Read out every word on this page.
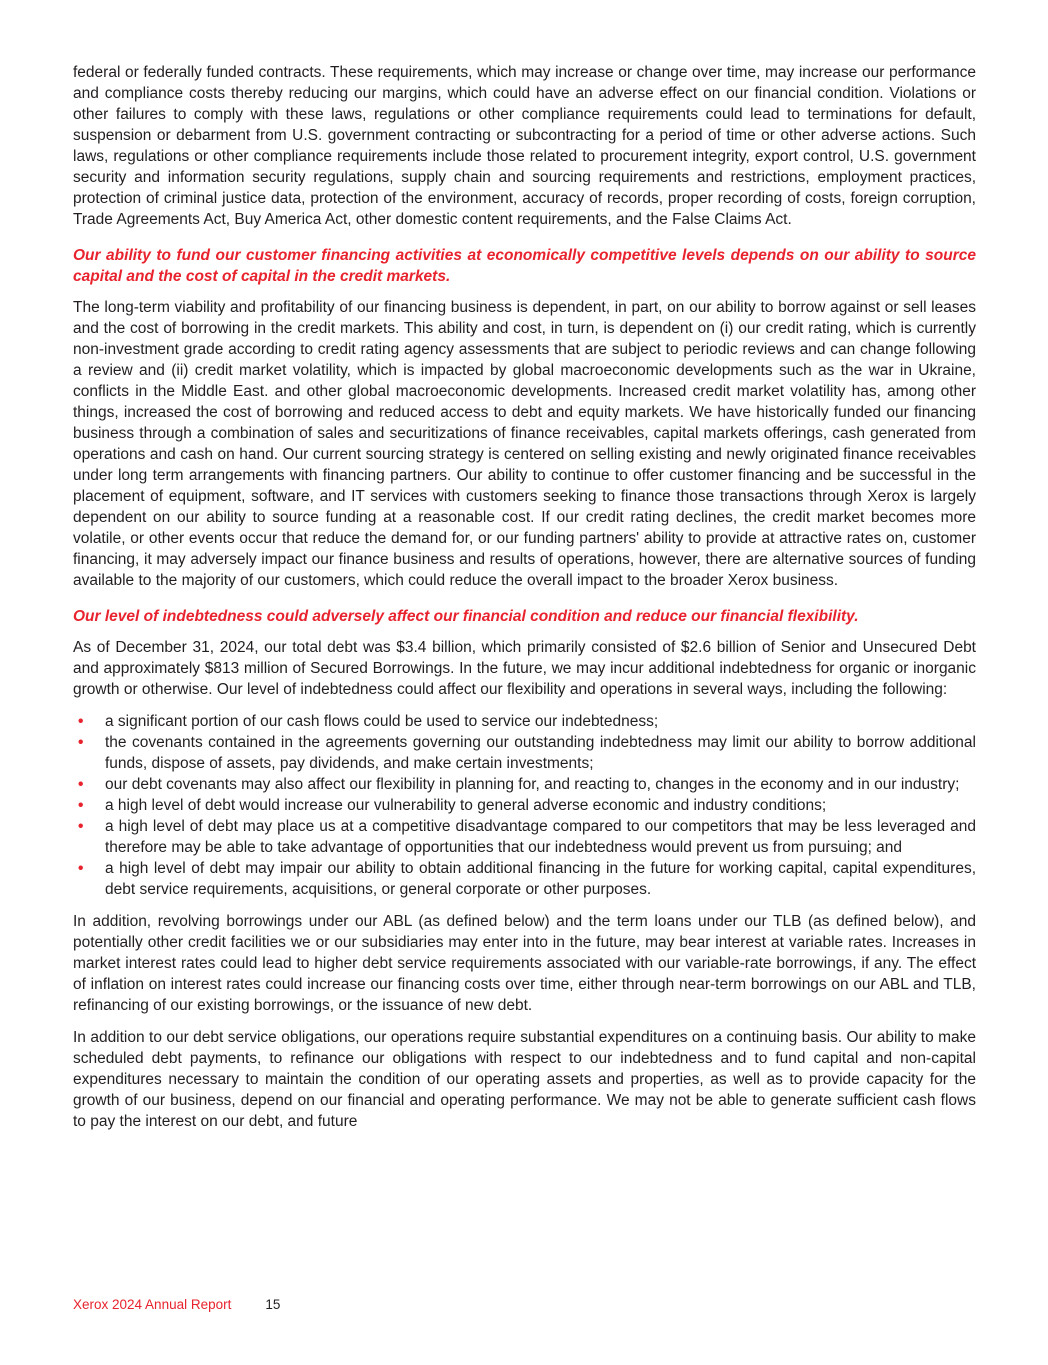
federal or federally funded contracts. These requirements, which may increase or change over time, may increase our performance and compliance costs thereby reducing our margins, which could have an adverse effect on our financial condition. Violations or other failures to comply with these laws, regulations or other compliance requirements could lead to terminations for default, suspension or debarment from U.S. government contracting or subcontracting for a period of time or other adverse actions. Such laws, regulations or other compliance requirements include those related to procurement integrity, export control, U.S. government security and information security regulations, supply chain and sourcing requirements and restrictions, employment practices, protection of criminal justice data, protection of the environment, accuracy of records, proper recording of costs, foreign corruption, Trade Agreements Act, Buy America Act, other domestic content requirements, and the False Claims Act.

Our ability to fund our customer financing activities at economically competitive levels depends on our ability to source capital and the cost of capital in the credit markets.

The long-term viability and profitability of our financing business is dependent, in part, on our ability to borrow against or sell leases and the cost of borrowing in the credit markets. This ability and cost, in turn, is dependent on (i) our credit rating, which is currently non-investment grade according to credit rating agency assessments that are subject to periodic reviews and can change following a review and (ii) credit market volatility, which is impacted by global macroeconomic developments such as the war in Ukraine, conflicts in the Middle East. and other global macroeconomic developments. Increased credit market volatility has, among other things, increased the cost of borrowing and reduced access to debt and equity markets. We have historically funded our financing business through a combination of sales and securitizations of finance receivables, capital markets offerings, cash generated from operations and cash on hand. Our current sourcing strategy is centered on selling existing and newly originated finance receivables under long term arrangements with financing partners. Our ability to continue to offer customer financing and be successful in the placement of equipment, software, and IT services with customers seeking to finance those transactions through Xerox is largely dependent on our ability to source funding at a reasonable cost. If our credit rating declines, the credit market becomes more volatile, or other events occur that reduce the demand for, or our funding partners' ability to provide at attractive rates on, customer financing, it may adversely impact our finance business and results of operations, however, there are alternative sources of funding available to the majority of our customers, which could reduce the overall impact to the broader Xerox business.

Our level of indebtedness could adversely affect our financial condition and reduce our financial flexibility.

As of December 31, 2024, our total debt was $3.4 billion, which primarily consisted of $2.6 billion of Senior and Unsecured Debt and approximately $813 million of Secured Borrowings. In the future, we may incur additional indebtedness for organic or inorganic growth or otherwise. Our level of indebtedness could affect our flexibility and operations in several ways, including the following:

• a significant portion of our cash flows could be used to service our indebtedness;
• the covenants contained in the agreements governing our outstanding indebtedness may limit our ability to borrow additional funds, dispose of assets, pay dividends, and make certain investments;
• our debt covenants may also affect our flexibility in planning for, and reacting to, changes in the economy and in our industry;
• a high level of debt would increase our vulnerability to general adverse economic and industry conditions;
• a high level of debt may place us at a competitive disadvantage compared to our competitors that may be less leveraged and therefore may be able to take advantage of opportunities that our indebtedness would prevent us from pursuing; and
• a high level of debt may impair our ability to obtain additional financing in the future for working capital, capital expenditures, debt service requirements, acquisitions, or general corporate or other purposes.

In addition, revolving borrowings under our ABL (as defined below) and the term loans under our TLB (as defined below), and potentially other credit facilities we or our subsidiaries may enter into in the future, may bear interest at variable rates. Increases in market interest rates could lead to higher debt service requirements associated with our variable-rate borrowings, if any. The effect of inflation on interest rates could increase our financing costs over time, either through near-term borrowings on our ABL and TLB, refinancing of our existing borrowings, or the issuance of new debt.

In addition to our debt service obligations, our operations require substantial expenditures on a continuing basis. Our ability to make scheduled debt payments, to refinance our obligations with respect to our indebtedness and to fund capital and non-capital expenditures necessary to maintain the condition of our operating assets and properties, as well as to provide capacity for the growth of our business, depend on our financial and operating performance. We may not be able to generate sufficient cash flows to pay the interest on our debt, and future

Xerox 2024 Annual Report	15
